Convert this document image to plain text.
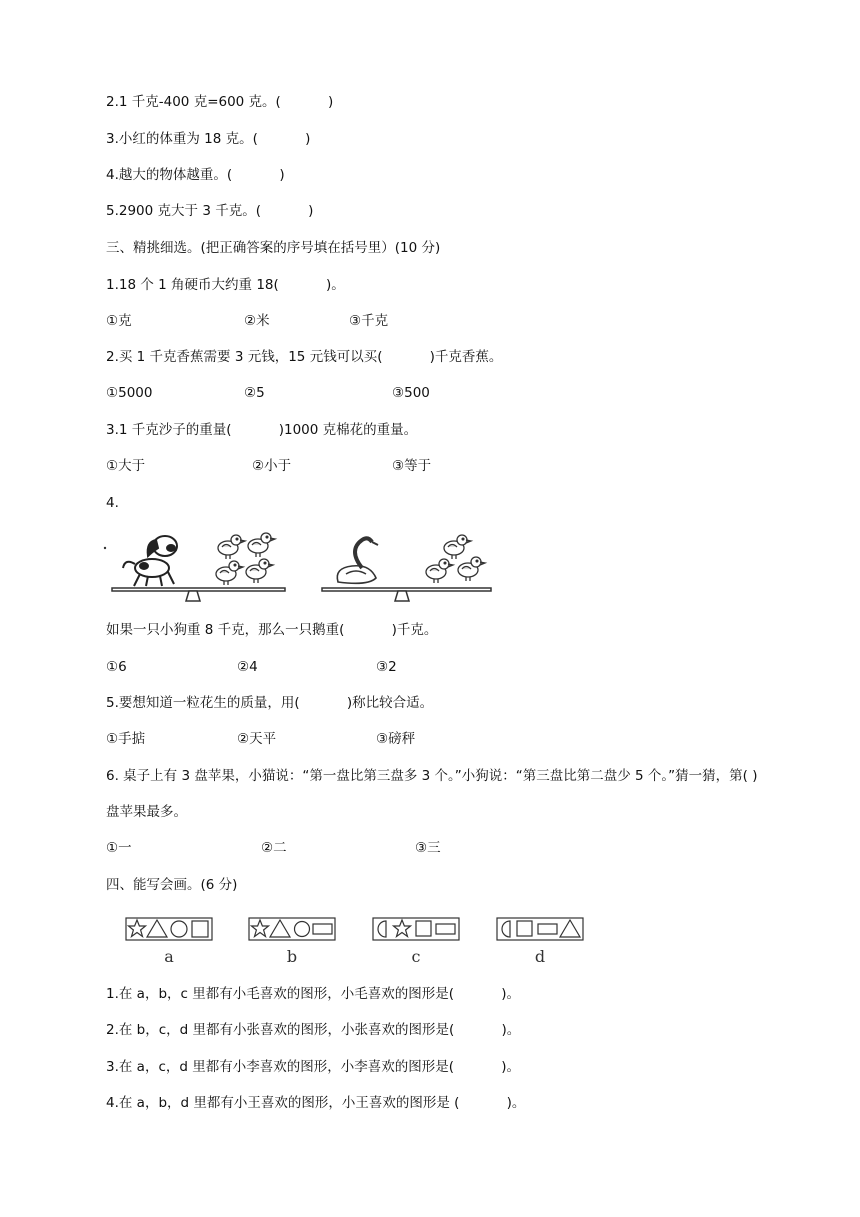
2.1 千克-400 克=600 克。(           )
3.小红的体重为 18 克。(           )
4.越大的物体越重。(           )
5.2900 克大于 3 千克。(           )
三、精挑细选。(把正确答案的序号填在括号里）(10 分)
1.18 个 1 角硬币大约重 18(           )。
①克	②米	③千克
2.买 1 千克香蕉需要 3 元钱，15 元钱可以买(           )千克香蕉。
①5000	②5	③500
3.1 千克沙子的重量(           )1000 克棉花的重量。
①大于	②小于	③等于
4.
如果一只小狗重 8 千克，那么一只鹅重(           )千克。
①6	②4	③2
5.要想知道一粒花生的质量，用(           )称比较合适。
①手掂	②天平	③磅秤
6. 桌子上有 3 盘苹果，小猫说：“第一盘比第三盘多 3 个。”小狗说：“第三盘比第二盘少 5 个。”猜一猜，第( )盘苹果最多。
①一	②二	③三
四、能写会画。(6 分)
a	b	c	d
1.在 a，b，c 里都有小毛喜欢的图形，小毛喜欢的图形是(           )。
2.在 b，c，d 里都有小张喜欢的图形，小张喜欢的图形是(           )。
3.在 a，c，d 里都有小李喜欢的图形，小李喜欢的图形是(           )。
4.在 a，b，d 里都有小王喜欢的图形，小王喜欢的图形是 (           )。
